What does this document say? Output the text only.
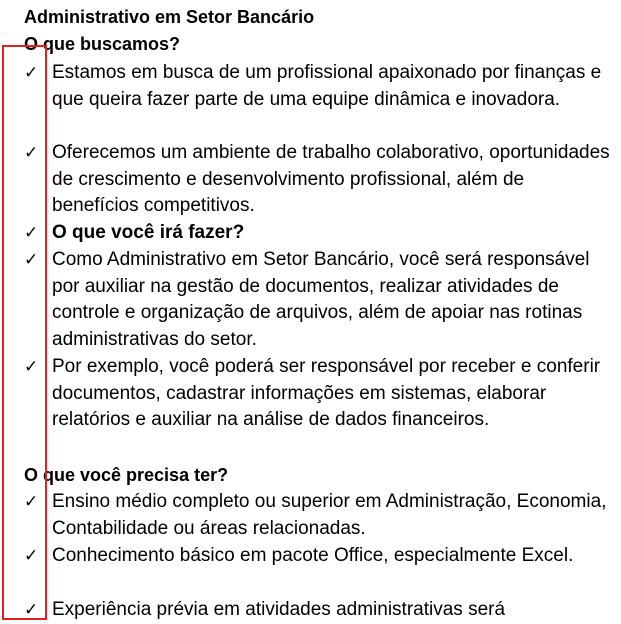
Administrativo em Setor Bancário
O que buscamos?
✓ Estamos em busca de um profissional apaixonado por finanças e que queira fazer parte de uma equipe dinâmica e inovadora.
✓ Oferecemos um ambiente de trabalho colaborativo, oportunidades de crescimento e desenvolvimento profissional, além de benefícios competitivos.
✓ O que você irá fazer?
✓ Como Administrativo em Setor Bancário, você será responsável por auxiliar na gestão de documentos, realizar atividades de controle e organização de arquivos, além de apoiar nas rotinas administrativas do setor.
✓ Por exemplo, você poderá ser responsável por receber e conferir documentos, cadastrar informações em sistemas, elaborar relatórios e auxiliar na análise de dados financeiros.
O que você precisa ter?
✓ Ensino médio completo ou superior em Administração, Economia, Contabilidade ou áreas relacionadas.
✓ Conhecimento básico em pacote Office, especialmente Excel.
✓ Experiência prévia em atividades administrativas será
